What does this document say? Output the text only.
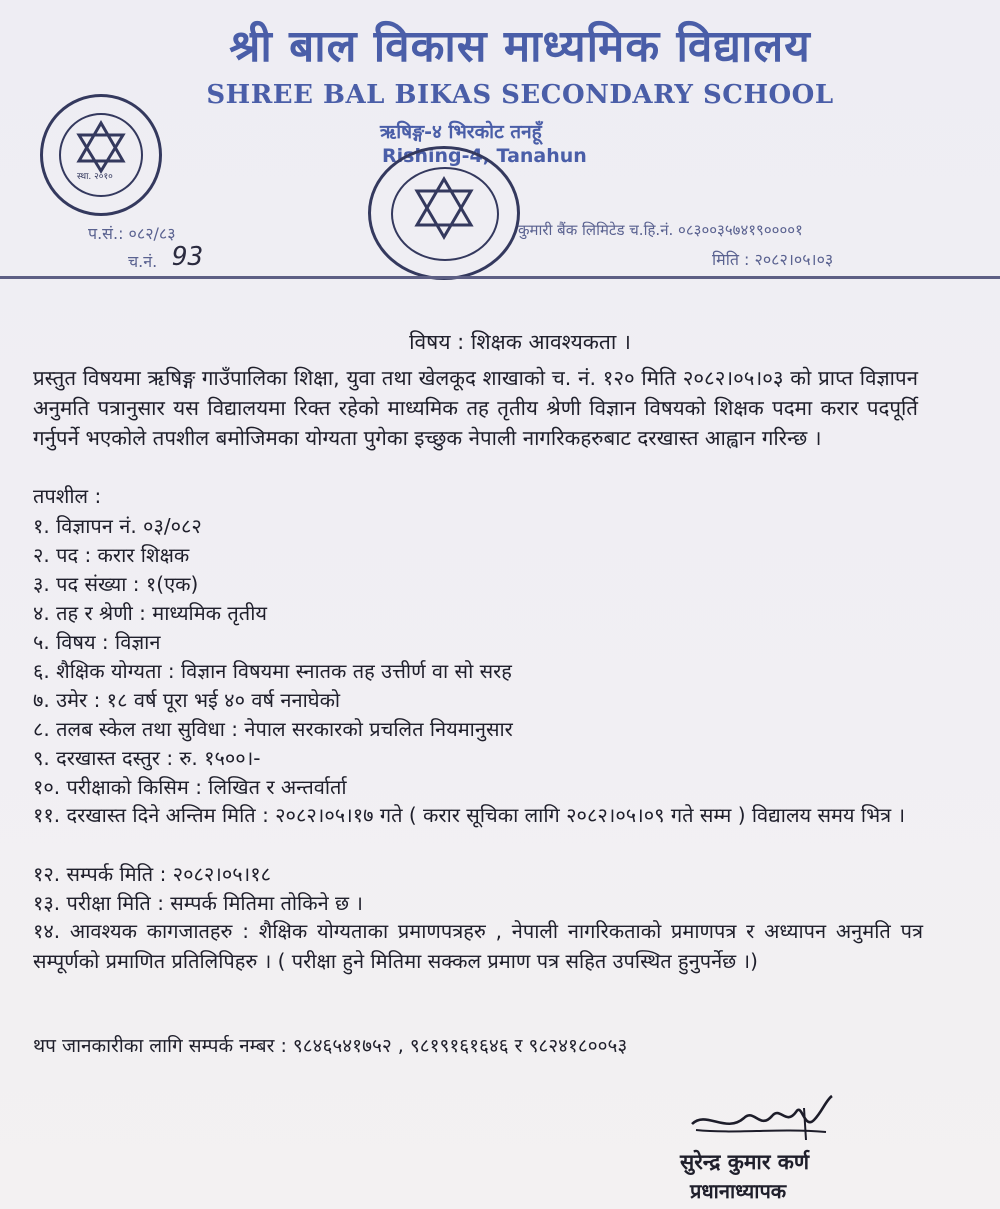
स्था. २०१०
श्री बाल विकास माध्यमिक विद्यालय
SHREE BAL BIKAS SECONDARY SCHOOL
ऋषिङ्ग-४ भिरकोट तनहूँ
Rishing-4, Tanahun
प.सं.: ०८२/८३
च.नं. 93
कुमारी बैंक लिमिटेड च.हि.नं. ०८३००३५७४१९००००१
मिति : २०८२।०५।०३
विषय : शिक्षक आवश्यकता ।
प्रस्तुत विषयमा ऋषिङ्ग गाउँपालिका शिक्षा, युवा तथा खेलकूद शाखाको च. नं. १२० मिति २०८२।०५।०३ को प्राप्त विज्ञापन अनुमति पत्रानुसार यस विद्यालयमा रिक्त रहेको माध्यमिक तह तृतीय श्रेणी विज्ञान विषयको शिक्षक पदमा करार पदपूर्ति गर्नुपर्ने भएकोले तपशील बमोजिमका योग्यता पुगेका इच्छुक नेपाली नागरिकहरुबाट दरखास्त आह्वान गरिन्छ ।
तपशील :
१. विज्ञापन नं. ०३/०८२
२. पद : करार शिक्षक
३. पद संख्या : १(एक)
४. तह र श्रेणी : माध्यमिक तृतीय
५. विषय : विज्ञान
६. शैक्षिक योग्यता : विज्ञान विषयमा स्नातक तह उत्तीर्ण वा सो सरह
७. उमेर : १८ वर्ष पूरा भई ४० वर्ष ननाघेको
८. तलब स्केल तथा सुविधा : नेपाल सरकारको प्रचलित नियमानुसार
९. दरखास्त दस्तुर : रु. १५००।-
१०. परीक्षाको किसिम : लिखित र अन्तर्वार्ता
११. दरखास्त दिने अन्तिम मिति : २०८२।०५।१७ गते ( करार सूचिका लागि २०८२।०५।०९ गते सम्म ) विद्यालय समय भित्र ।
१२. सम्पर्क मिति : २०८२।०५।१८
१३. परीक्षा मिति : सम्पर्क मितिमा तोकिने छ ।
१४. आवश्यक कागजातहरु : शैक्षिक योग्यताका प्रमाणपत्रहरु , नेपाली नागरिकताको प्रमाणपत्र र अध्यापन अनुमति पत्र सम्पूर्णको प्रमाणित प्रतिलिपिहरु । ( परीक्षा हुने मितिमा सक्कल प्रमाण पत्र सहित उपस्थित हुनुपर्नेछ ।)
थप जानकारीका लागि सम्पर्क नम्बर : ९८४६५४१७५२ , ९८१९१६१६४६ र ९८२४१८००५३
सुरेन्द्र कुमार कर्ण
प्रधानाध्यापक
